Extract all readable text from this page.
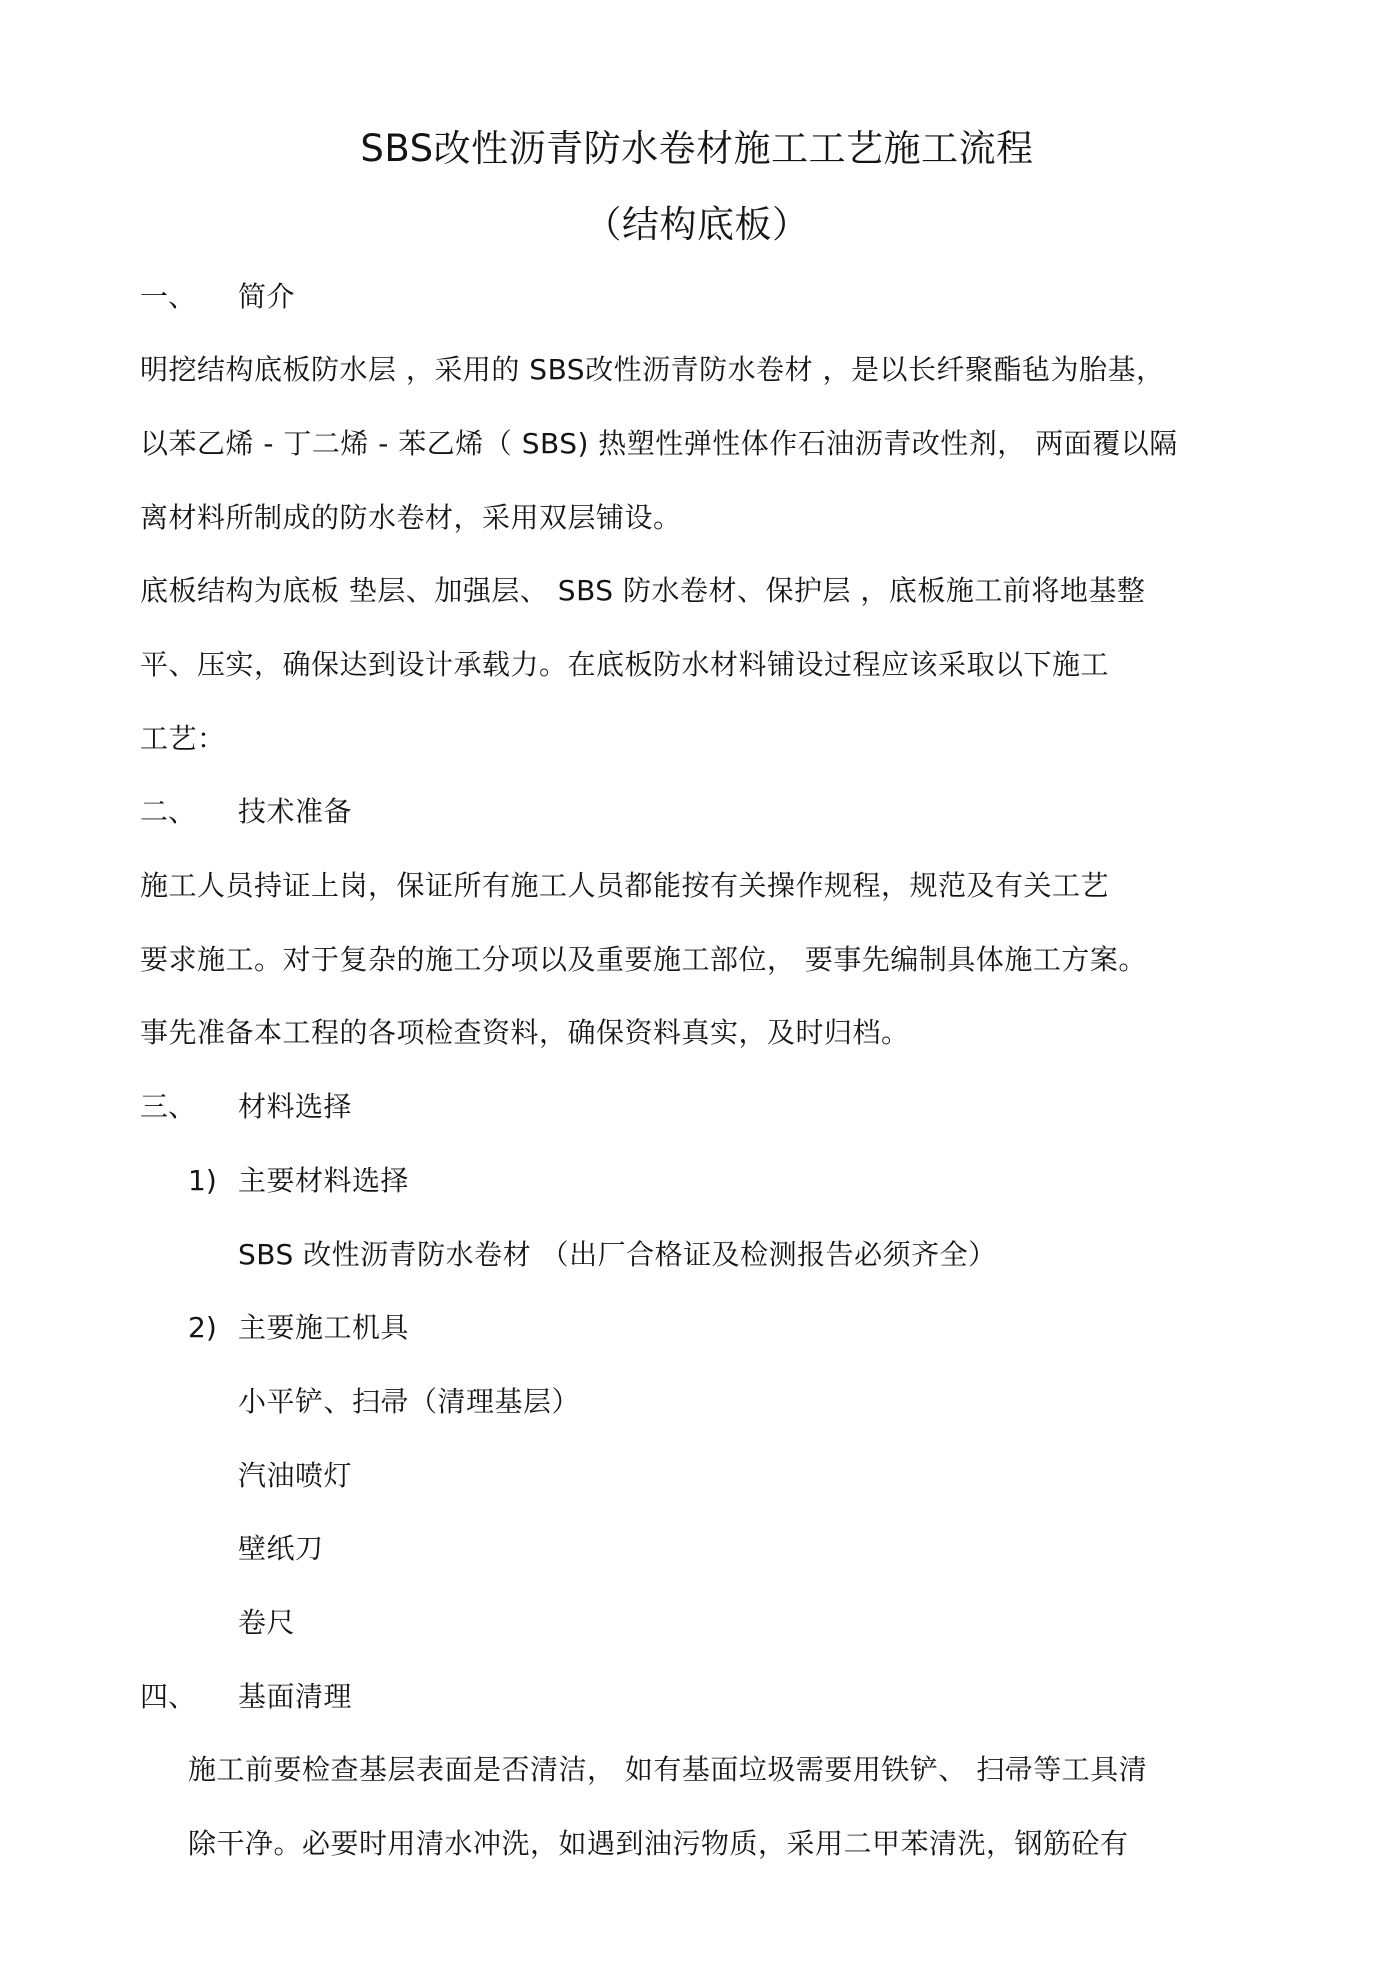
SBS改性沥青防水卷材施工工艺施工流程
（结构底板）
一、 简介
明挖结构底板防水层 ，采用的 SBS改性沥青防水卷材 ，是以长纤聚酯毡为胎基，
以苯乙烯 - 丁二烯 - 苯乙烯（ SBS) 热塑性弹性体作石油沥青改性剂， 两面覆以隔
离材料所制成的防水卷材，采用双层铺设。
底板结构为底板 垫层、加强层、 SBS 防水卷材、保护层 ，底板施工前将地基整
平、压实，确保达到设计承载力。在底板防水材料铺设过程应该采取以下施工
工艺：
二、 技术准备
施工人员持证上岗，保证所有施工人员都能按有关操作规程，规范及有关工艺
要求施工。对于复杂的施工分项以及重要施工部位， 要事先编制具体施工方案。
事先准备本工程的各项检查资料，确保资料真实，及时归档。
三、 材料选择
1) 主要材料选择
SBS 改性沥青防水卷材 （出厂合格证及检测报告必须齐全）
2) 主要施工机具
小平铲、扫帚（清理基层）
汽油喷灯
壁纸刀
卷尺
四、 基面清理
施工前要检查基层表面是否清洁， 如有基面垃圾需要用铁铲、 扫帚等工具清
除干净。必要时用清水冲洗，如遇到油污物质，采用二甲苯清洗，钢筋砼有
